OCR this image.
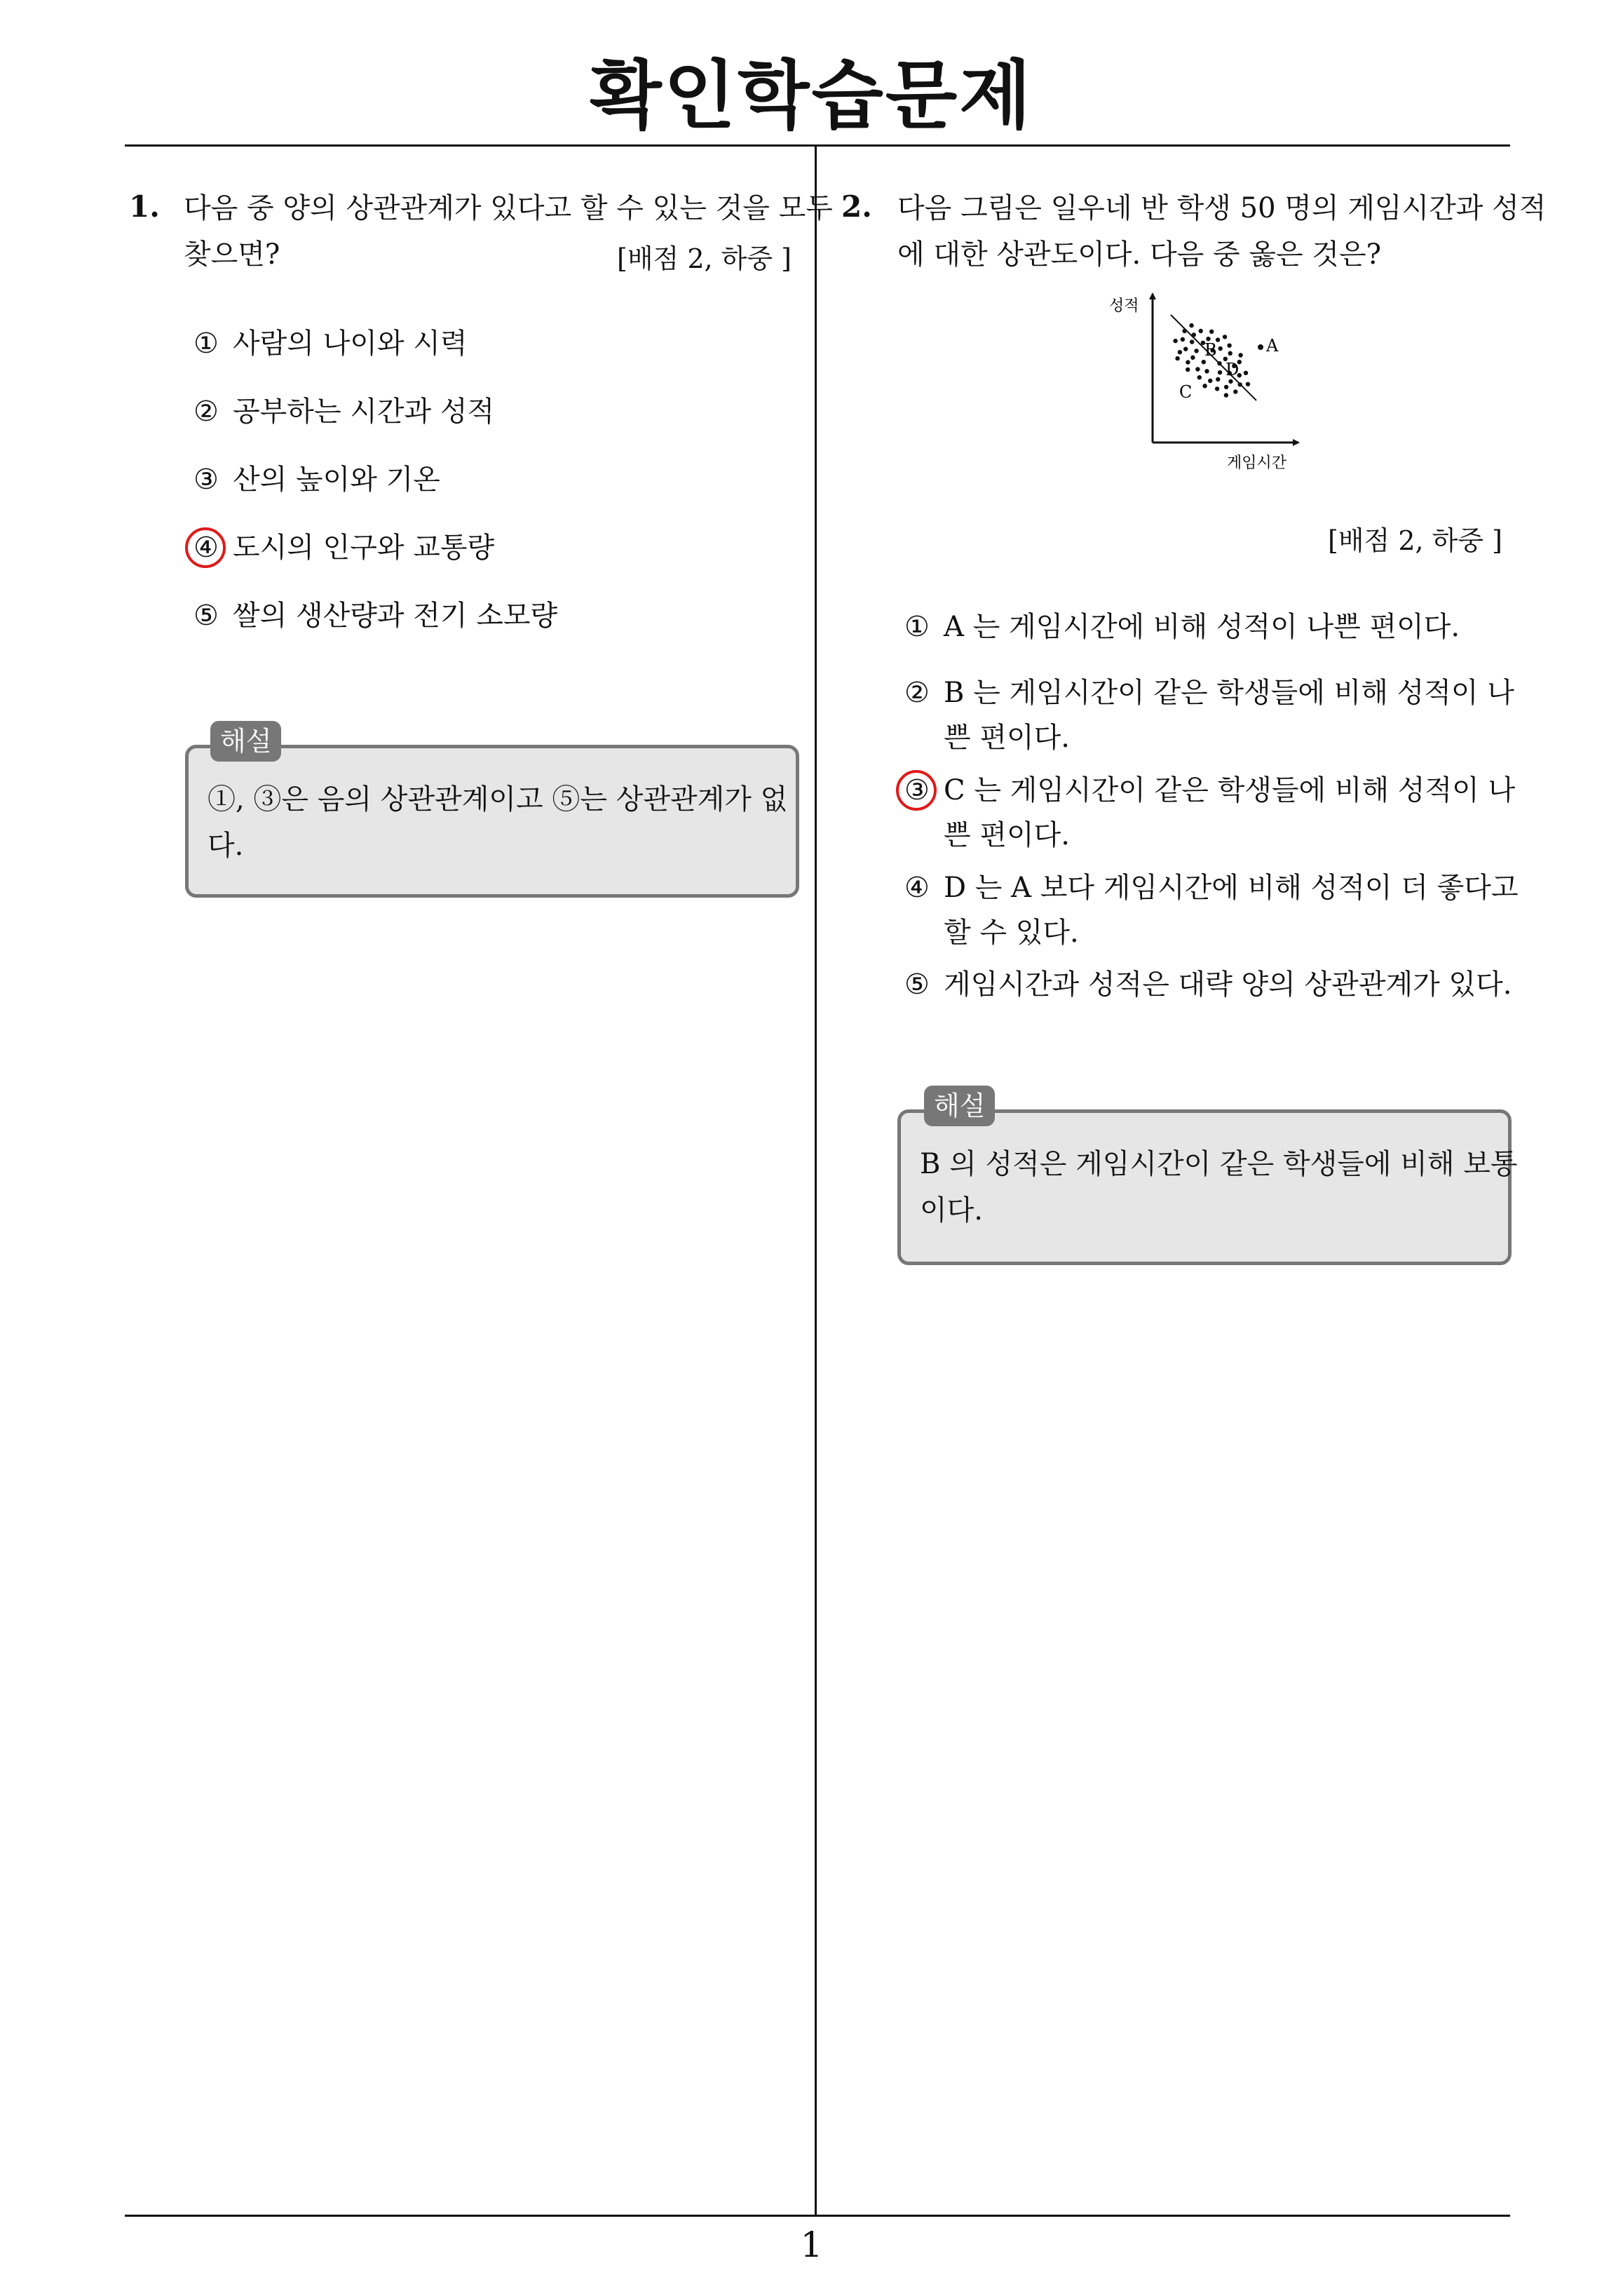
확인학습문제
1. 다음 중 양의 상관관계가 있다고 할 수 있는 것을 모두
찾으면?	[배점 2, 하중 ]
① 사람의 나이와 시력
② 공부하는 시간과 성적
③ 산의 높이와 기온
④ 도시의 인구와 교통량
⑤ 쌀의 생산량과 전기 소모량
해설
①, ③은 음의 상관관계이고 ⑤는 상관관계가 없
다.
2. 다음 그림은 일우네 반 학생 50 명의 게임시간과 성적
에 대한 상관도이다. 다음 중 옳은 것은?
성적
게임시간
A
B
C
D
[배점 2, 하중 ]
① A 는 게임시간에 비해 성적이 나쁜 편이다.
② B 는 게임시간이 같은 학생들에 비해 성적이 나
쁜 편이다.
③ C 는 게임시간이 같은 학생들에 비해 성적이 나
쁜 편이다.
④ D 는 A 보다 게임시간에 비해 성적이 더 좋다고
할 수 있다.
⑤ 게임시간과 성적은 대략 양의 상관관계가 있다.
해설
B 의 성적은 게임시간이 같은 학생들에 비해 보통
이다.
1
